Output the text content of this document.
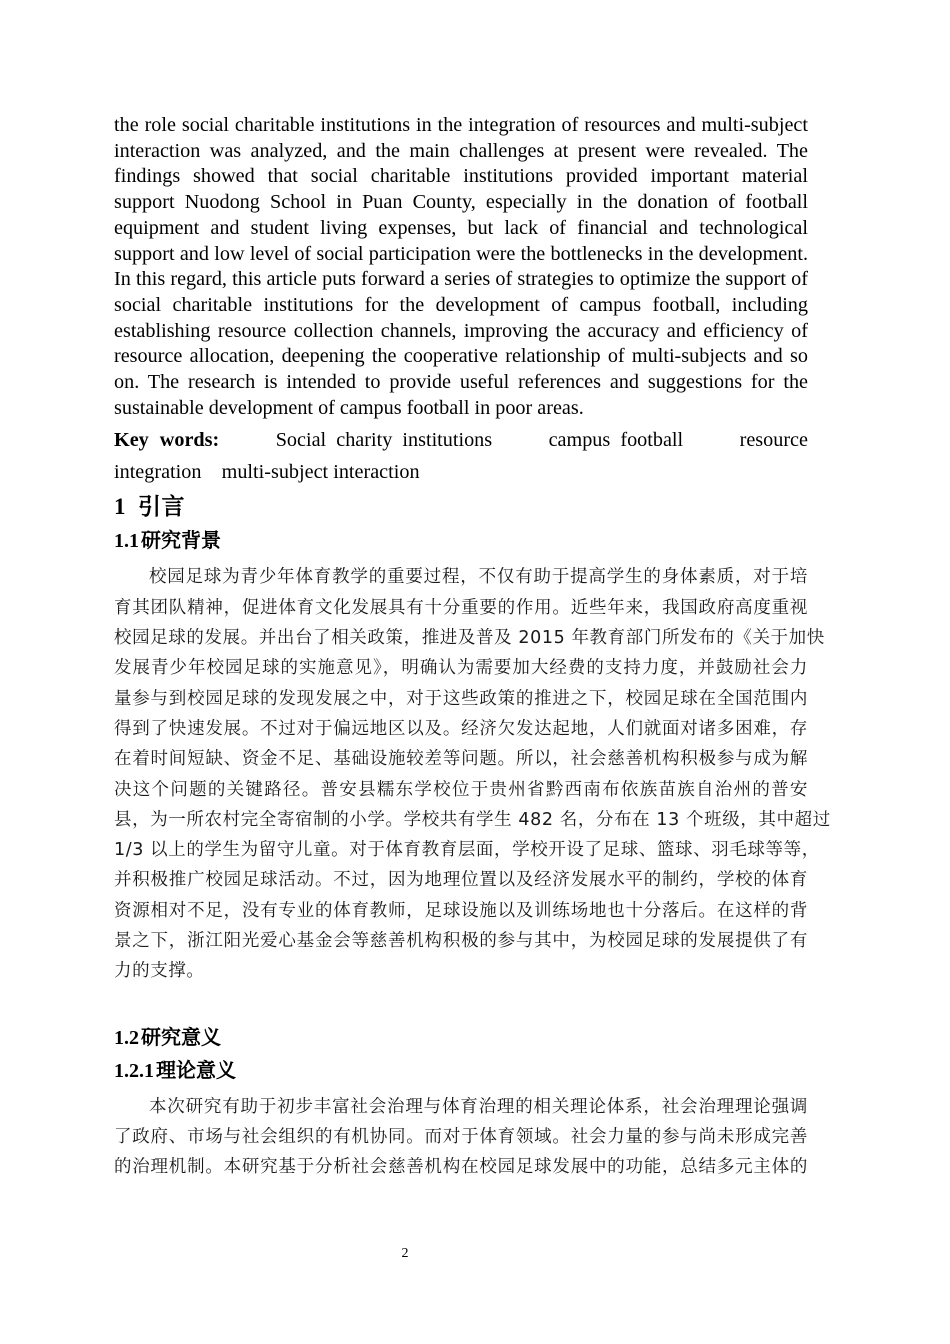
the role social charitable institutions in the integration of resources and multi-subject interaction was analyzed, and the main challenges at present were revealed. The findings showed that social charitable institutions provided important material support Nuodong School in Puan County, especially in the donation of football equipment and student living expenses, but lack of financial and technological support and low level of social participation were the bottlenecks in the development. In this regard, this article puts forward a series of strategies to optimize the support of social charitable institutions for the development of campus football, including establishing resource collection channels, improving the accuracy and efficiency of resource allocation, deepening the cooperative relationship of multi-subjects and so on. The research is intended to provide useful references and suggestions for the sustainable development of campus football in poor areas.

Key words:	Social  charity  institutions	campus  football	resource
integration    multi-subject interaction
1 引言
1.1 研究背景
校园足球为青少年体育教学的重要过程，不仅有助于提高学生的身体素质，对于培
育其团队精神，促进体育文化发展具有十分重要的作用。近些年来，我国政府高度重视
校园足球的发展。并出台了相关政策，推进及普及 2015 年教育部门所发布的《关于加快
发展青少年校园足球的实施意见》，明确认为需要加大经费的支持力度，并鼓励社会力
量参与到校园足球的发现发展之中，对于这些政策的推进之下，校园足球在全国范围内
得到了快速发展。不过对于偏远地区以及。经济欠发达起地，人们就面对诸多困难，存
在着时间短缺、资金不足、基础设施较差等问题。所以，社会慈善机构积极参与成为解
决这个问题的关键路径。普安县糯东学校位于贵州省黔西南布依族苗族自治州的普安
县，为一所农村完全寄宿制的小学。学校共有学生 482 名，分布在 13 个班级，其中超过
1/3 以上的学生为留守儿童。对于体育教育层面，学校开设了足球、篮球、羽毛球等等，
并积极推广校园足球活动。不过，因为地理位置以及经济发展水平的制约，学校的体育
资源相对不足，没有专业的体育教师，足球设施以及训练场地也十分落后。在这样的背
景之下，浙江阳光爱心基金会等慈善机构积极的参与其中，为校园足球的发展提供了有
力的支撑。
1.2 研究意义
1.2.1 理论意义
本次研究有助于初步丰富社会治理与体育治理的相关理论体系，社会治理理论强调
了政府、市场与社会组织的有机协同。而对于体育领域。社会力量的参与尚未形成完善
的治理机制。本研究基于分析社会慈善机构在校园足球发展中的功能，总结多元主体的
2
